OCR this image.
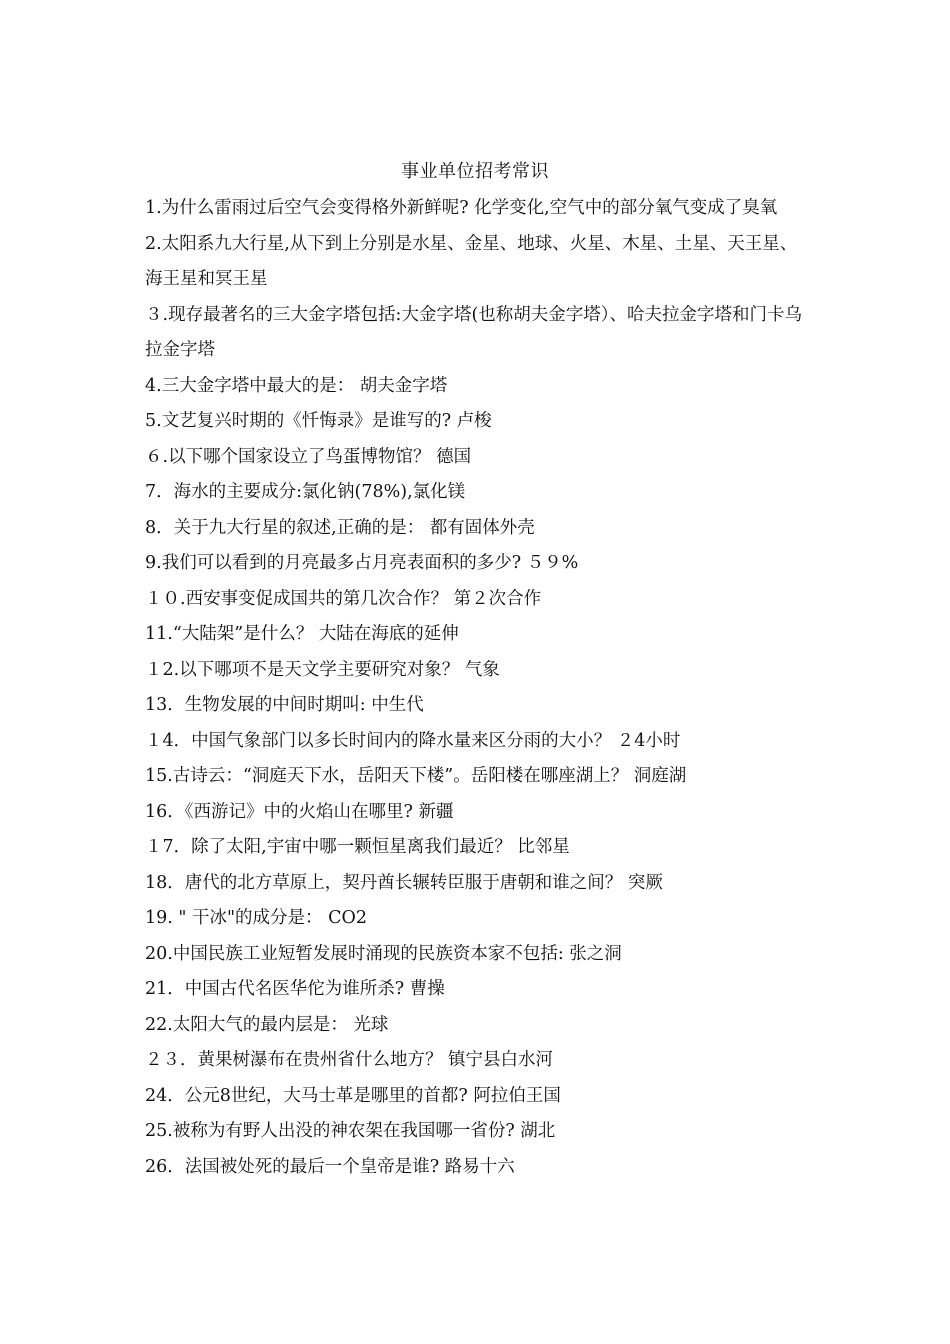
事业单位招考常识

1.为什么雷雨过后空气会变得格外新鲜呢? 化学变化,空气中的部分氧气变成了臭氧

2.太阳系九大行星,从下到上分别是水星、金星、地球、火星、木星、土星、天王星、海王星和冥王星

３.现存最著名的三大金字塔包括:大金字塔(也称胡夫金字塔）、哈夫拉金字塔和门卡乌拉金字塔

4.三大金字塔中最大的是： 胡夫金字塔

5.文艺复兴时期的《忏悔录》是谁写的? 卢梭

６.以下哪个国家设立了鸟蛋博物馆？ 德国

7．海水的主要成分:氯化钠(78%),氯化镁

8．关于九大行星的叙述,正确的是： 都有固体外壳

9.我们可以看到的月亮最多占月亮表面积的多少? ５９%

１０.西安事变促成国共的第几次合作？ 第２次合作

11.“大陆架”是什么？ 大陆在海底的延伸

１2.以下哪项不是天文学主要研究对象？ 气象

13．生物发展的中间时期叫: 中生代

１4．中国气象部门以多长时间内的降水量来区分雨的大小？ ２4小时

15.古诗云：“洞庭天下水，岳阳天下楼”。岳阳楼在哪座湖上？ 洞庭湖

16．《西游记》中的火焰山在哪里? 新疆

１7．除了太阳,宇宙中哪一颗恒星离我们最近？ 比邻星

18．唐代的北方草原上，契丹酋长辗转臣服于唐朝和谁之间？ 突厥

19. " 干冰"的成分是： CO2

20.中国民族工业短暂发展时涌现的民族资本家不包括: 张之洞

21．中国古代名医华佗为谁所杀? 曹操

22.太阳大气的最内层是： 光球

２３．黄果树瀑布在贵州省什么地方？ 镇宁县白水河

24．公元8世纪，大马士革是哪里的首都? 阿拉伯王国

25.被称为有野人出没的神农架在我国哪一省份? 湖北

26．法国被处死的最后一个皇帝是谁? 路易十六
